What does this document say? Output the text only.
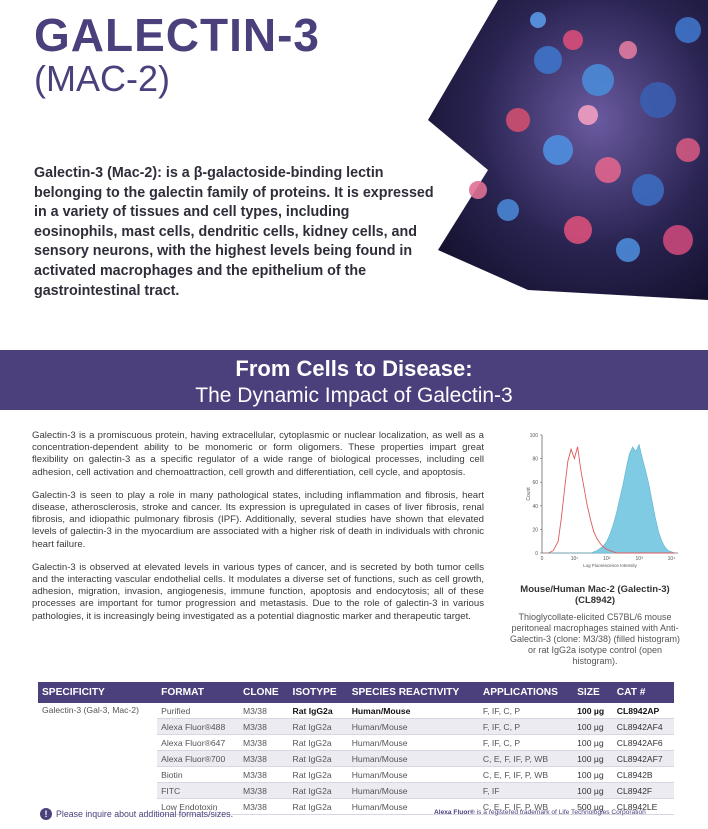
GALECTIN-3
(MAC-2)
Galectin-3 (Mac-2): is a β-galactoside-binding lectin belonging to the galectin family of proteins. It is expressed in a variety of tissues and cell types, including eosinophils, mast cells, dendritic cells, kidney cells, and sensory neurons, with the highest levels being found in activated macrophages and the epithelium of the gastrointestinal tract.
From Cells to Disease:
The Dynamic Impact of Galectin-3

Galectin-3 is a promiscuous protein, having extracellular, cytoplasmic or nuclear localization, as well as a concentration-dependent ability to be monomeric or form oligomers. These properties impart great flexibility on galectin-3 as a specific regulator of a wide range of biological processes, including cell adhesion, cell activation and chemoattraction, cell growth and differentiation, cell cycle, and apoptosis.

Galectin-3 is seen to play a role in many pathological states, including inflammation and fibrosis, heart disease, atherosclerosis, stroke and cancer. Its expression is upregulated in cases of liver fibrosis, renal fibrosis, and idiopathic pulmonary fibrosis (IPF). Additionally, several studies have shown that elevated levels of galectin-3 in the myocardium are associated with a higher risk of death in individuals with chronic heart failure.

Galectin-3 is observed at elevated levels in various types of cancer, and is secreted by both tumor cells and the interacting vascular endothelial cells. It modulates a diverse set of functions, such as cell growth, adhesion, migration, invasion, angiogenesis, immune function, apoptosis and endocytosis; all of these processes are important for tumor progression and metastasis. Due to the role of galectin-3 in various pathologies, it is increasingly being investigated as a potential diagnostic marker and therapeutic target.

0
20
40
60
80
100
0	10¹	10²	10³	10⁴
Log Fluorescence Intensity
Count
Mouse/Human Mac-2 (Galectin-3) (CL8942)
Thioglycollate-elicited C57BL/6 mouse peritoneal macrophages stained with Anti-Galectin-3 (clone: M3/38) (filled histogram) or rat IgG2a isotype control (open histogram).
SPECIFICITY	FORMAT	CLONE	ISOTYPE	SPECIES REACTIVITY	APPLICATIONS	SIZE	CAT #
Galectin-3 (Gal-3, Mac-2)	Purified	M3/38	Rat IgG2a	Human/Mouse	F, IF, C, P	100 µg	CL8942AP
	Alexa Fluor®488	M3/38	Rat IgG2a	Human/Mouse	F, IF, C, P	100 µg	CL8942AF4
	Alexa Fluor®647	M3/38	Rat IgG2a	Human/Mouse	F, IF, C, P	100 µg	CL8942AF6
	Alexa Fluor®700	M3/38	Rat IgG2a	Human/Mouse	C, E, F, IF, P, WB	100 µg	CL8942AF7
	Biotin	M3/38	Rat IgG2a	Human/Mouse	C, E, F, IF, P, WB	100 µg	CL8942B
	FITC	M3/38	Rat IgG2a	Human/Mouse	F, IF	100 µg	CL8942F
	Low Endotoxin	M3/38	Rat IgG2a	Human/Mouse	C, E, F, IF, P, WB	500 µg	CL8942LE
! Please inquire about additional formats/sizes.	Alexa Fluor® is a registered trademark of Life Technologies Corporation
